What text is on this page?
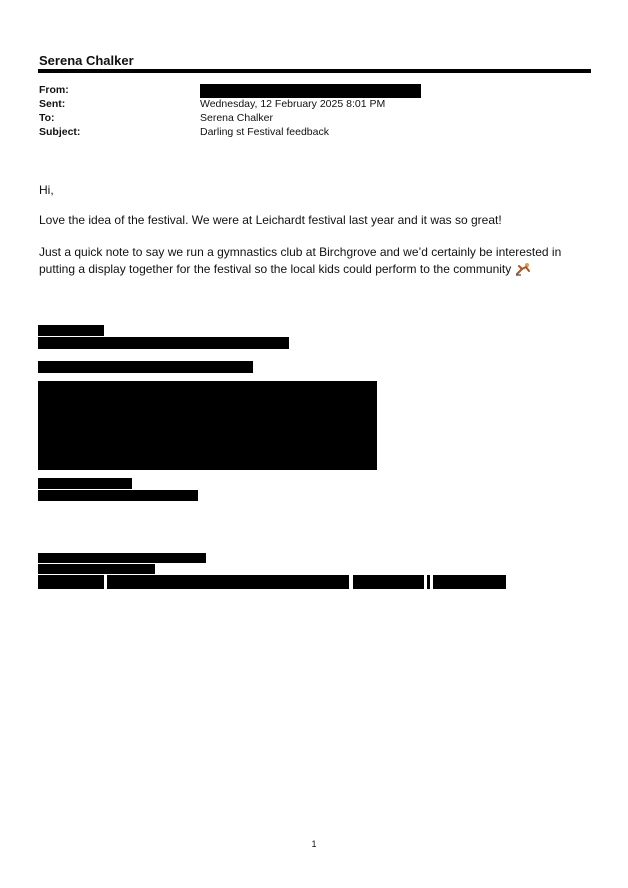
Serena Chalker
From:
Sent:	Wednesday, 12 February 2025 8:01 PM
To:	Serena Chalker
Subject:	Darling st Festival feedback
Hi,
Love the idea of the festival. We were at Leichardt festival last year and it was so great!
Just a quick note to say we run a gymnastics club at Birchgrove and we’d certainly be interested in
putting a display together for the festival so the local kids could perform to the community
1
